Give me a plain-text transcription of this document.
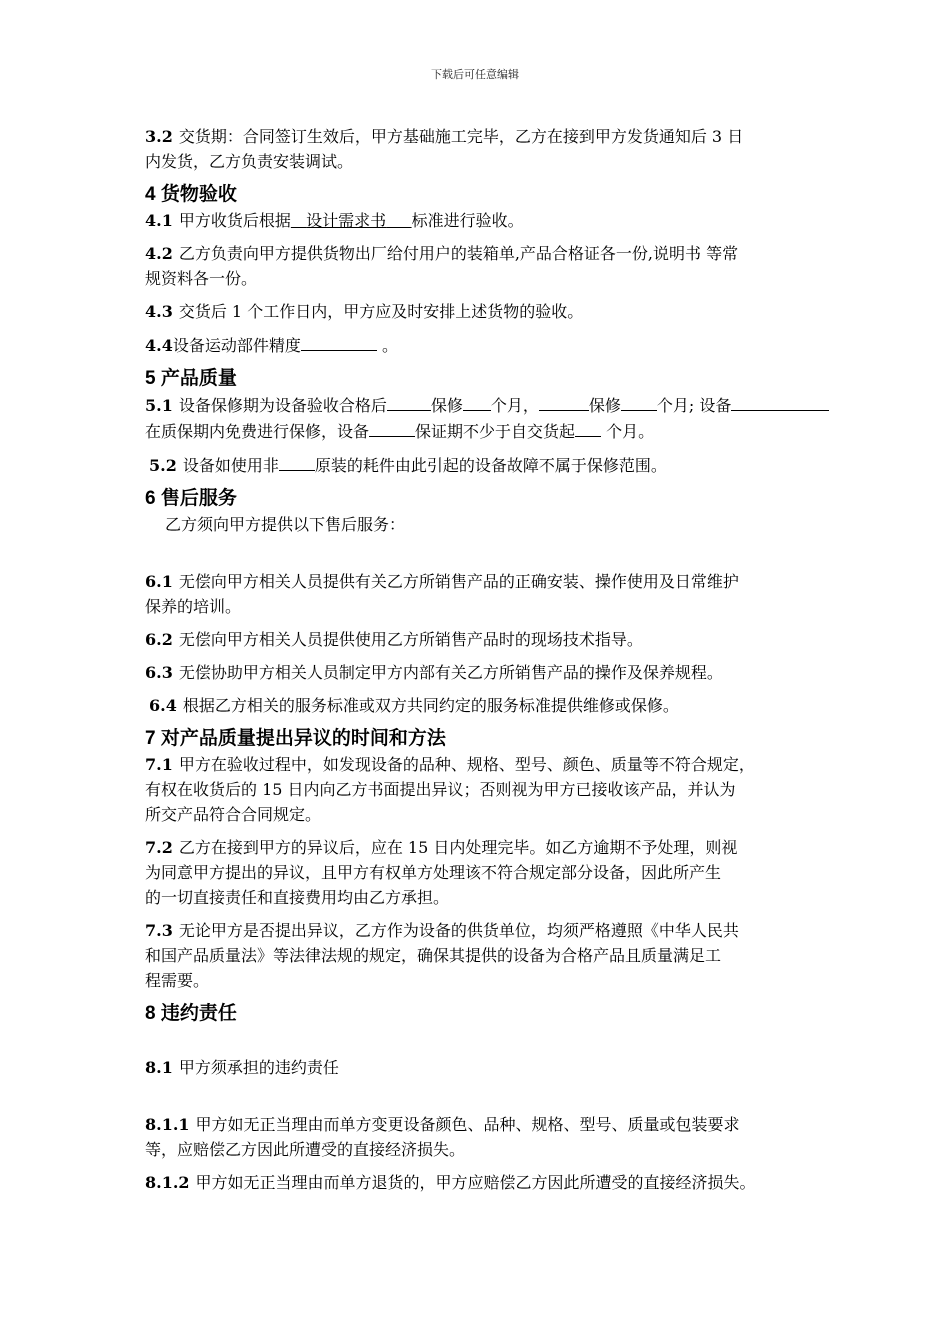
下载后可任意编辑
3.2 交货期：合同签订生效后，甲方基础施工完毕，乙方在接到甲方发货通知后 3 日
内发货，乙方负责安装调试。
4 货物验收
4.1 甲方收货后根据 设计需求书 标准进行验收。
4.2 乙方负责向甲方提供货物出厂给付用户的装箱单,产品合格证各一份,说明书 等常
规资料各一份。
4.3 交货后 1 个工作日内，甲方应及时安排上述货物的验收。
4.4设备运动部件精度	。
5 产品质量
5.1 设备保修期为设备验收合格后	保修 个月，	保修 个月; 设备
在质保期内免费进行保修，设备	保证期不少于自交货起 个月。
5.2 设备如使用非 原装的耗件由此引起的设备故障不属于保修范围。
6 售后服务
乙方须向甲方提供以下售后服务：
6.1 无偿向甲方相关人员提供有关乙方所销售产品的正确安装、操作使用及日常维护
保养的培训。
6.2 无偿向甲方相关人员提供使用乙方所销售产品时的现场技术指导。
6.3 无偿协助甲方相关人员制定甲方内部有关乙方所销售产品的操作及保养规程。
6.4 根据乙方相关的服务标准或双方共同约定的服务标准提供维修或保修。
7 对产品质量提出异议的时间和方法
7.1 甲方在验收过程中，如发现设备的品种、规格、型号、颜色、质量等不符合规定，
有权在收货后的 15 日内向乙方书面提出异议；否则视为甲方已接收该产品，并认为
所交产品符合合同规定。
7.2 乙方在接到甲方的异议后，应在 15 日内处理完毕。如乙方逾期不予处理，则视
为同意甲方提出的异议，且甲方有权单方处理该不符合规定部分设备，因此所产生
的一切直接责任和直接费用均由乙方承担。
7.3 无论甲方是否提出异议，乙方作为设备的供货单位，均须严格遵照《中华人民共
和国产品质量法》等法律法规的规定，确保其提供的设备为合格产品且质量满足工
程需要。
8 违约责任
8.1 甲方须承担的违约责任
8.1.1 甲方如无正当理由而单方变更设备颜色、品种、规格、型号、质量或包装要求
等，应赔偿乙方因此所遭受的直接经济损失。
8.1.2 甲方如无正当理由而单方退货的，甲方应赔偿乙方因此所遭受的直接经济损失。
